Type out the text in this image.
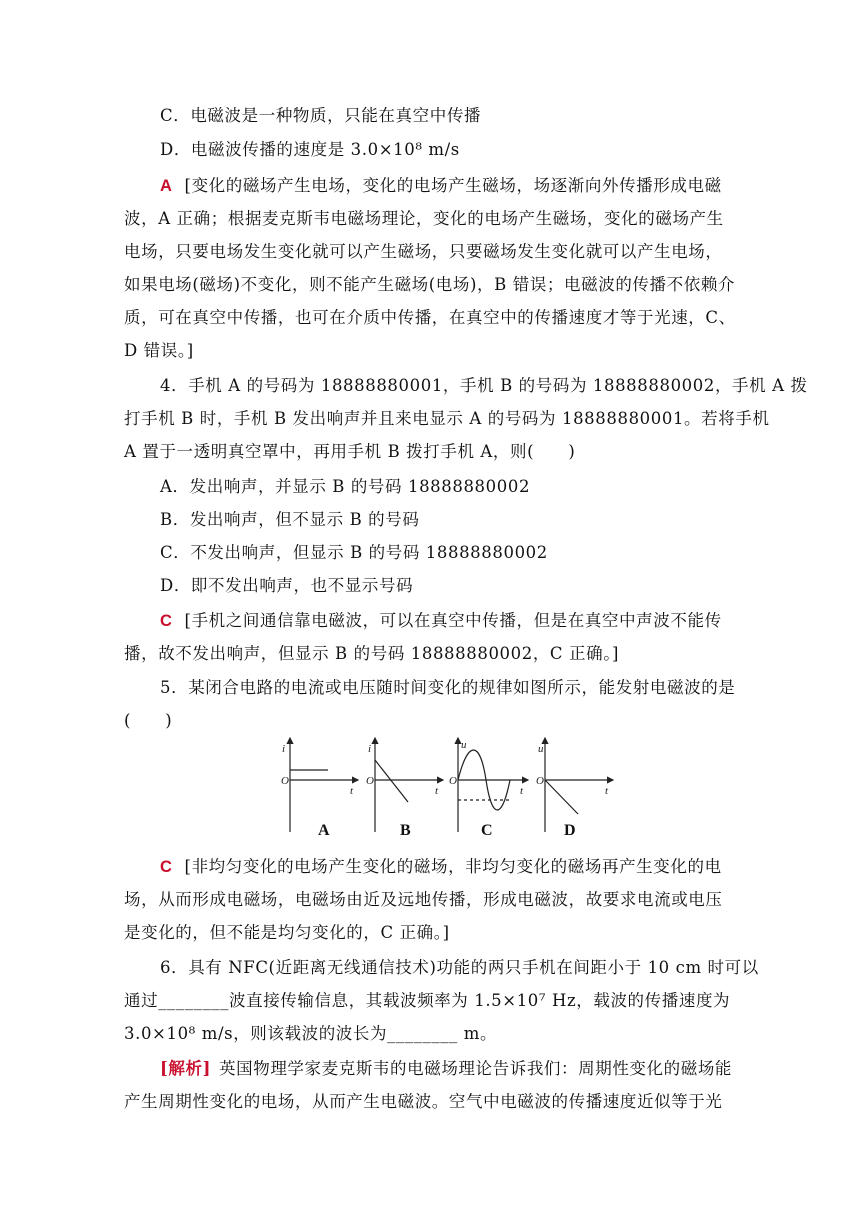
C．电磁波是一种物质，只能在真空中传播
D．电磁波传播的速度是 3.0×10⁸ m/s
A [变化的磁场产生电场，变化的电场产生磁场，场逐渐向外传播形成电磁
波，A 正确；根据麦克斯韦电磁场理论，变化的电场产生磁场，变化的磁场产生
电场，只要电场发生变化就可以产生磁场，只要磁场发生变化就可以产生电场，
如果电场(磁场)不变化，则不能产生磁场(电场)，B 错误；电磁波的传播不依赖介
质，可在真空中传播，也可在介质中传播，在真空中的传播速度才等于光速，C、
D 错误。]
4．手机 A 的号码为 18888880001，手机 B 的号码为 18888880002，手机 A 拨
打手机 B 时，手机 B 发出响声并且来电显示 A 的号码为 18888880001。若将手机
A 置于一透明真空罩中，再用手机 B 拨打手机 A，则(　　)
A．发出响声，并显示 B 的号码 18888880002
B．发出响声，但不显示 B 的号码
C．不发出响声，但显示 B 的号码 18888880002
D．即不发出响声，也不显示号码
C [手机之间通信靠电磁波，可以在真空中传播，但是在真空中声波不能传
播，故不发出响声，但显示 B 的号码 18888880002，C 正确。]
5．某闭合电路的电流或电压随时间变化的规律如图所示，能发射电磁波的是
(　　)
i
O
t
i
O
t
u
O
t
u
O
t
A	B	C	D
C [非均匀变化的电场产生变化的磁场，非均匀变化的磁场再产生变化的电
场，从而形成电磁场，电磁场由近及远地传播，形成电磁波，故要求电流或电压
是变化的，但不能是均匀变化的，C 正确。]
6．具有 NFC(近距离无线通信技术)功能的两只手机在间距小于 10 cm 时可以
通过________波直接传输信息，其载波频率为 1.5×10⁷ Hz，载波的传播速度为
3.0×10⁸ m/s，则该载波的波长为________ m。
[解析] 英国物理学家麦克斯韦的电磁场理论告诉我们：周期性变化的磁场能
产生周期性变化的电场，从而产生电磁波。空气中电磁波的传播速度近似等于光
